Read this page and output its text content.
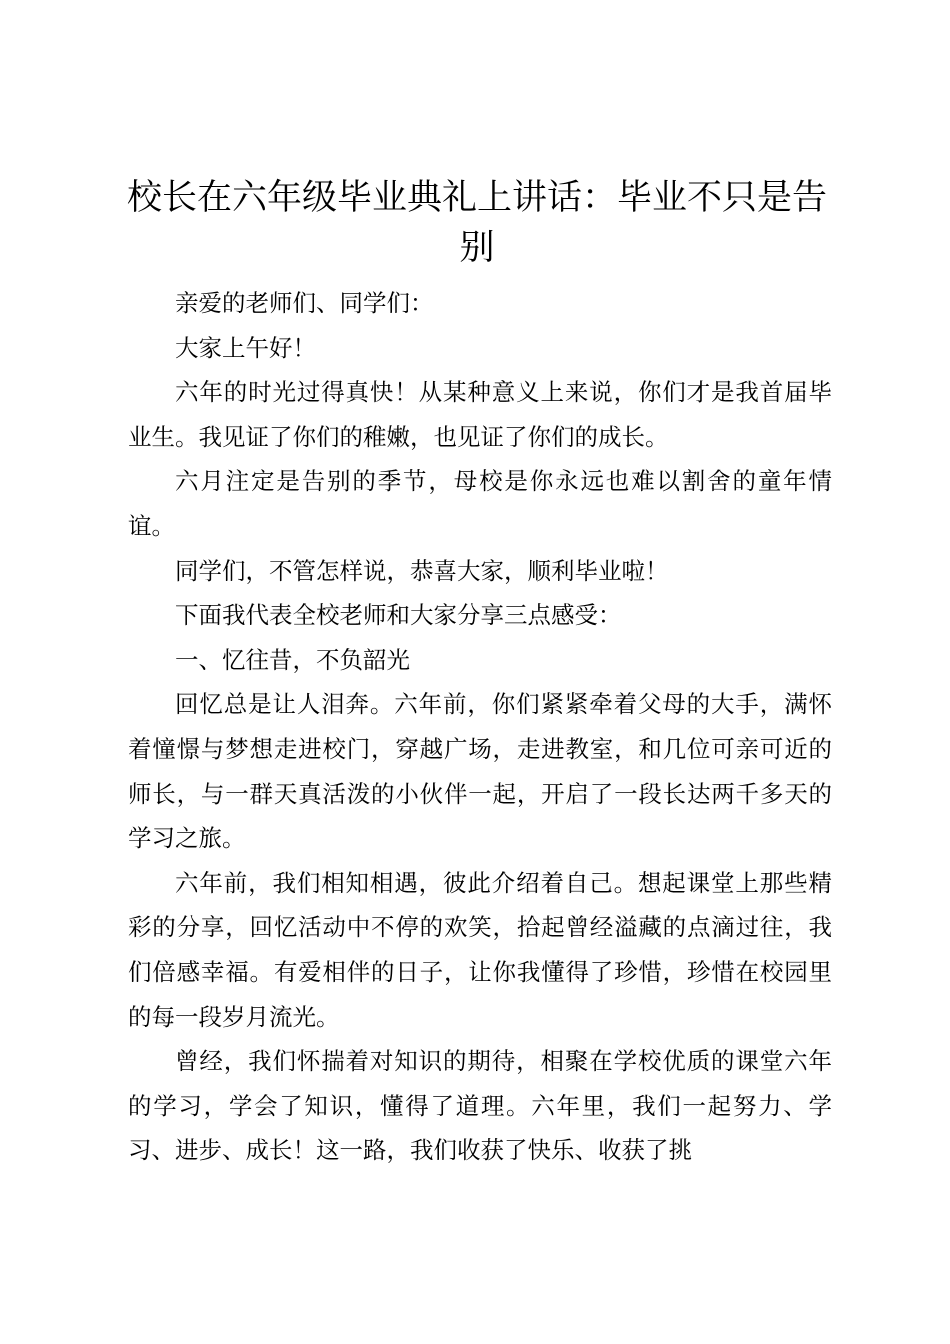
校长在六年级毕业典礼上讲话：毕业不只是告别

亲爱的老师们、同学们：

大家上午好！

六年的时光过得真快！从某种意义上来说，你们才是我首届毕业生。我见证了你们的稚嫩，也见证了你们的成长。

六月注定是告别的季节，母校是你永远也难以割舍的童年情谊。

同学们，不管怎样说，恭喜大家，顺利毕业啦！

下面我代表全校老师和大家分享三点感受：

一、忆往昔，不负韶光

回忆总是让人泪奔。六年前，你们紧紧牵着父母的大手，满怀着憧憬与梦想走进校门，穿越广场，走进教室，和几位可亲可近的师长，与一群天真活泼的小伙伴一起，开启了一段长达两千多天的学习之旅。

六年前，我们相知相遇，彼此介绍着自己。想起课堂上那些精彩的分享，回忆活动中不停的欢笑，拾起曾经溢藏的点滴过往，我们倍感幸福。有爱相伴的日子，让你我懂得了珍惜，珍惜在校园里的每一段岁月流光。

曾经，我们怀揣着对知识的期待，相聚在学校优质的课堂六年的学习，学会了知识，懂得了道理。六年里，我们一起努力、学习、进步、成长！这一路，我们收获了快乐、收获了挑
